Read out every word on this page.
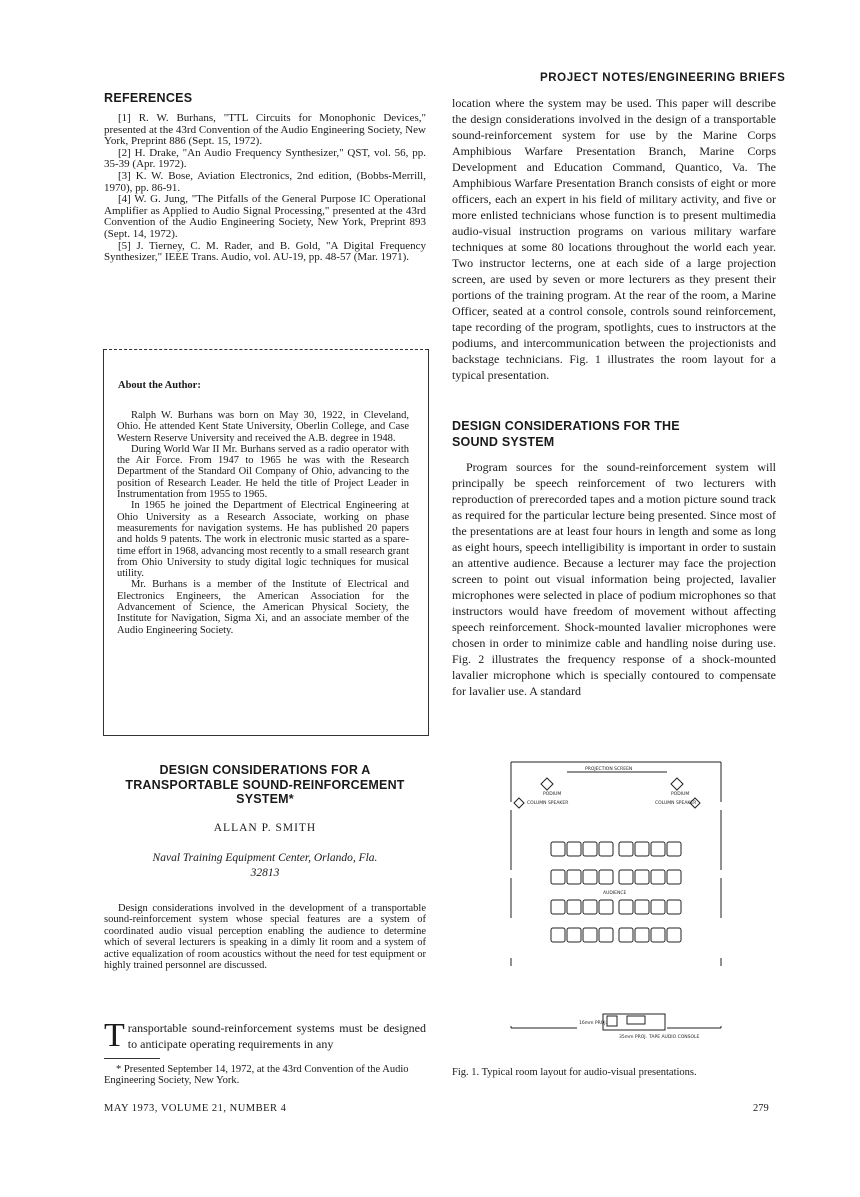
PROJECT NOTES/ENGINEERING BRIEFS
REFERENCES

[1] R. W. Burhans, "TTL Circuits for Monophonic Devices," presented at the 43rd Convention of the Audio Engineering Society, New York, Preprint 886 (Sept. 15, 1972).

[2] H. Drake, "An Audio Frequency Synthesizer," QST, vol. 56, pp. 35-39 (Apr. 1972).

[3] K. W. Bose, Aviation Electronics, 2nd edition, (Bobbs-Merrill, 1970), pp. 86-91.

[4] W. G. Jung, "The Pitfalls of the General Purpose IC Operational Amplifier as Applied to Audio Signal Processing," presented at the 43rd Convention of the Audio Engineering Society, New York, Preprint 893 (Sept. 14, 1972).

[5] J. Tierney, C. M. Rader, and B. Gold, "A Digital Frequency Synthesizer," IEEE Trans. Audio, vol. AU-19, pp. 48-57 (Mar. 1971).

About the Author:

Ralph W. Burhans was born on May 30, 1922, in Cleveland, Ohio. He attended Kent State University, Oberlin College, and Case Western Reserve University and received the A.B. degree in 1948.

During World War II Mr. Burhans served as a radio operator with the Air Force. From 1947 to 1965 he was with the Research Department of the Standard Oil Company of Ohio, advancing to the position of Research Leader. He held the title of Project Leader in Instrumentation from 1955 to 1965.

In 1965 he joined the Department of Electrical Engineering at Ohio University as a Research Associate, working on phase measurements for navigation systems. He has published 20 papers and holds 9 patents. The work in electronic music started as a spare-time effort in 1968, advancing most recently to a small research grant from Ohio University to study digital logic techniques for musical utility.

Mr. Burhans is a member of the Institute of Electrical and Electronics Engineers, the American Association for the Advancement of Science, the American Physical Society, the Institute for Navigation, Sigma Xi, and an associate member of the Audio Engineering Society.

DESIGN CONSIDERATIONS FOR A TRANSPORTABLE SOUND-REINFORCEMENT SYSTEM*
ALLAN P. SMITH
Naval Training Equipment Center, Orlando, Fla.
32813

Design considerations involved in the development of a transportable sound-reinforcement system whose special features are a system of coordinated audio visual perception enabling the audience to determine which of several lecturers is speaking in a dimly lit room and a system of active equalization of room acoustics without the need for test equipment or highly trained personnel are discussed.

Transportable sound-reinforcement systems must be designed to anticipate operating requirements in any
* Presented September 14, 1972, at the 43rd Convention of the Audio Engineering Society, New York.

location where the system may be used. This paper will describe the design considerations involved in the design of a transportable sound-reinforcement system for use by the Marine Corps Amphibious Warfare Presentation Branch, Marine Corps Development and Education Command, Quantico, Va. The Amphibious Warfare Presentation Branch consists of eight or more officers, each an expert in his field of military activity, and five or more enlisted technicians whose function is to present multimedia audio-visual instruction programs on various military warfare techniques at some 80 locations throughout the world each year. Two instructor lecterns, one at each side of a large projection screen, are used by seven or more lecturers as they present their portions of the training program. At the rear of the room, a Marine Officer, seated at a control console, controls sound reinforcement, tape recording of the program, spotlights, cues to instructors at the podiums, and intercommunication between the projectionists and backstage technicians. Fig. 1 illustrates the room layout for a typical presentation.

DESIGN CONSIDERATIONS FOR THE
SOUND SYSTEM

Program sources for the sound-reinforcement system will principally be speech reinforcement of two lecturers with reproduction of prerecorded tapes and a motion picture sound track as required for the particular lecture being presented. Since most of the presentations are at least four hours in length and some as long as eight hours, speech intelligibility is important in order to sustain an attentive audience. Because a lecturer may face the projection screen to point out visual information being projected, lavalier microphones were selected in place of podium microphones so that instructors would have freedom of movement without affecting speech reinforcement. Shock-mounted lavalier microphones were chosen in order to minimize cable and handling noise during use. Fig. 2 illustrates the frequency response of a shock-mounted lavalier microphone which is specially contoured to compensate for lavalier use. A standard

PROJECTION SCREEN
PODIUM	PODIUM
COLUMN SPEAKER	COLUMN SPEAKER
AUDIENCE
16mm PROJ.
35mm PROJ. TAPE AUDIO CONSOLE
Fig. 1. Typical room layout for audio-visual presentations.
MAY 1973, VOLUME 21, NUMBER 4	279
